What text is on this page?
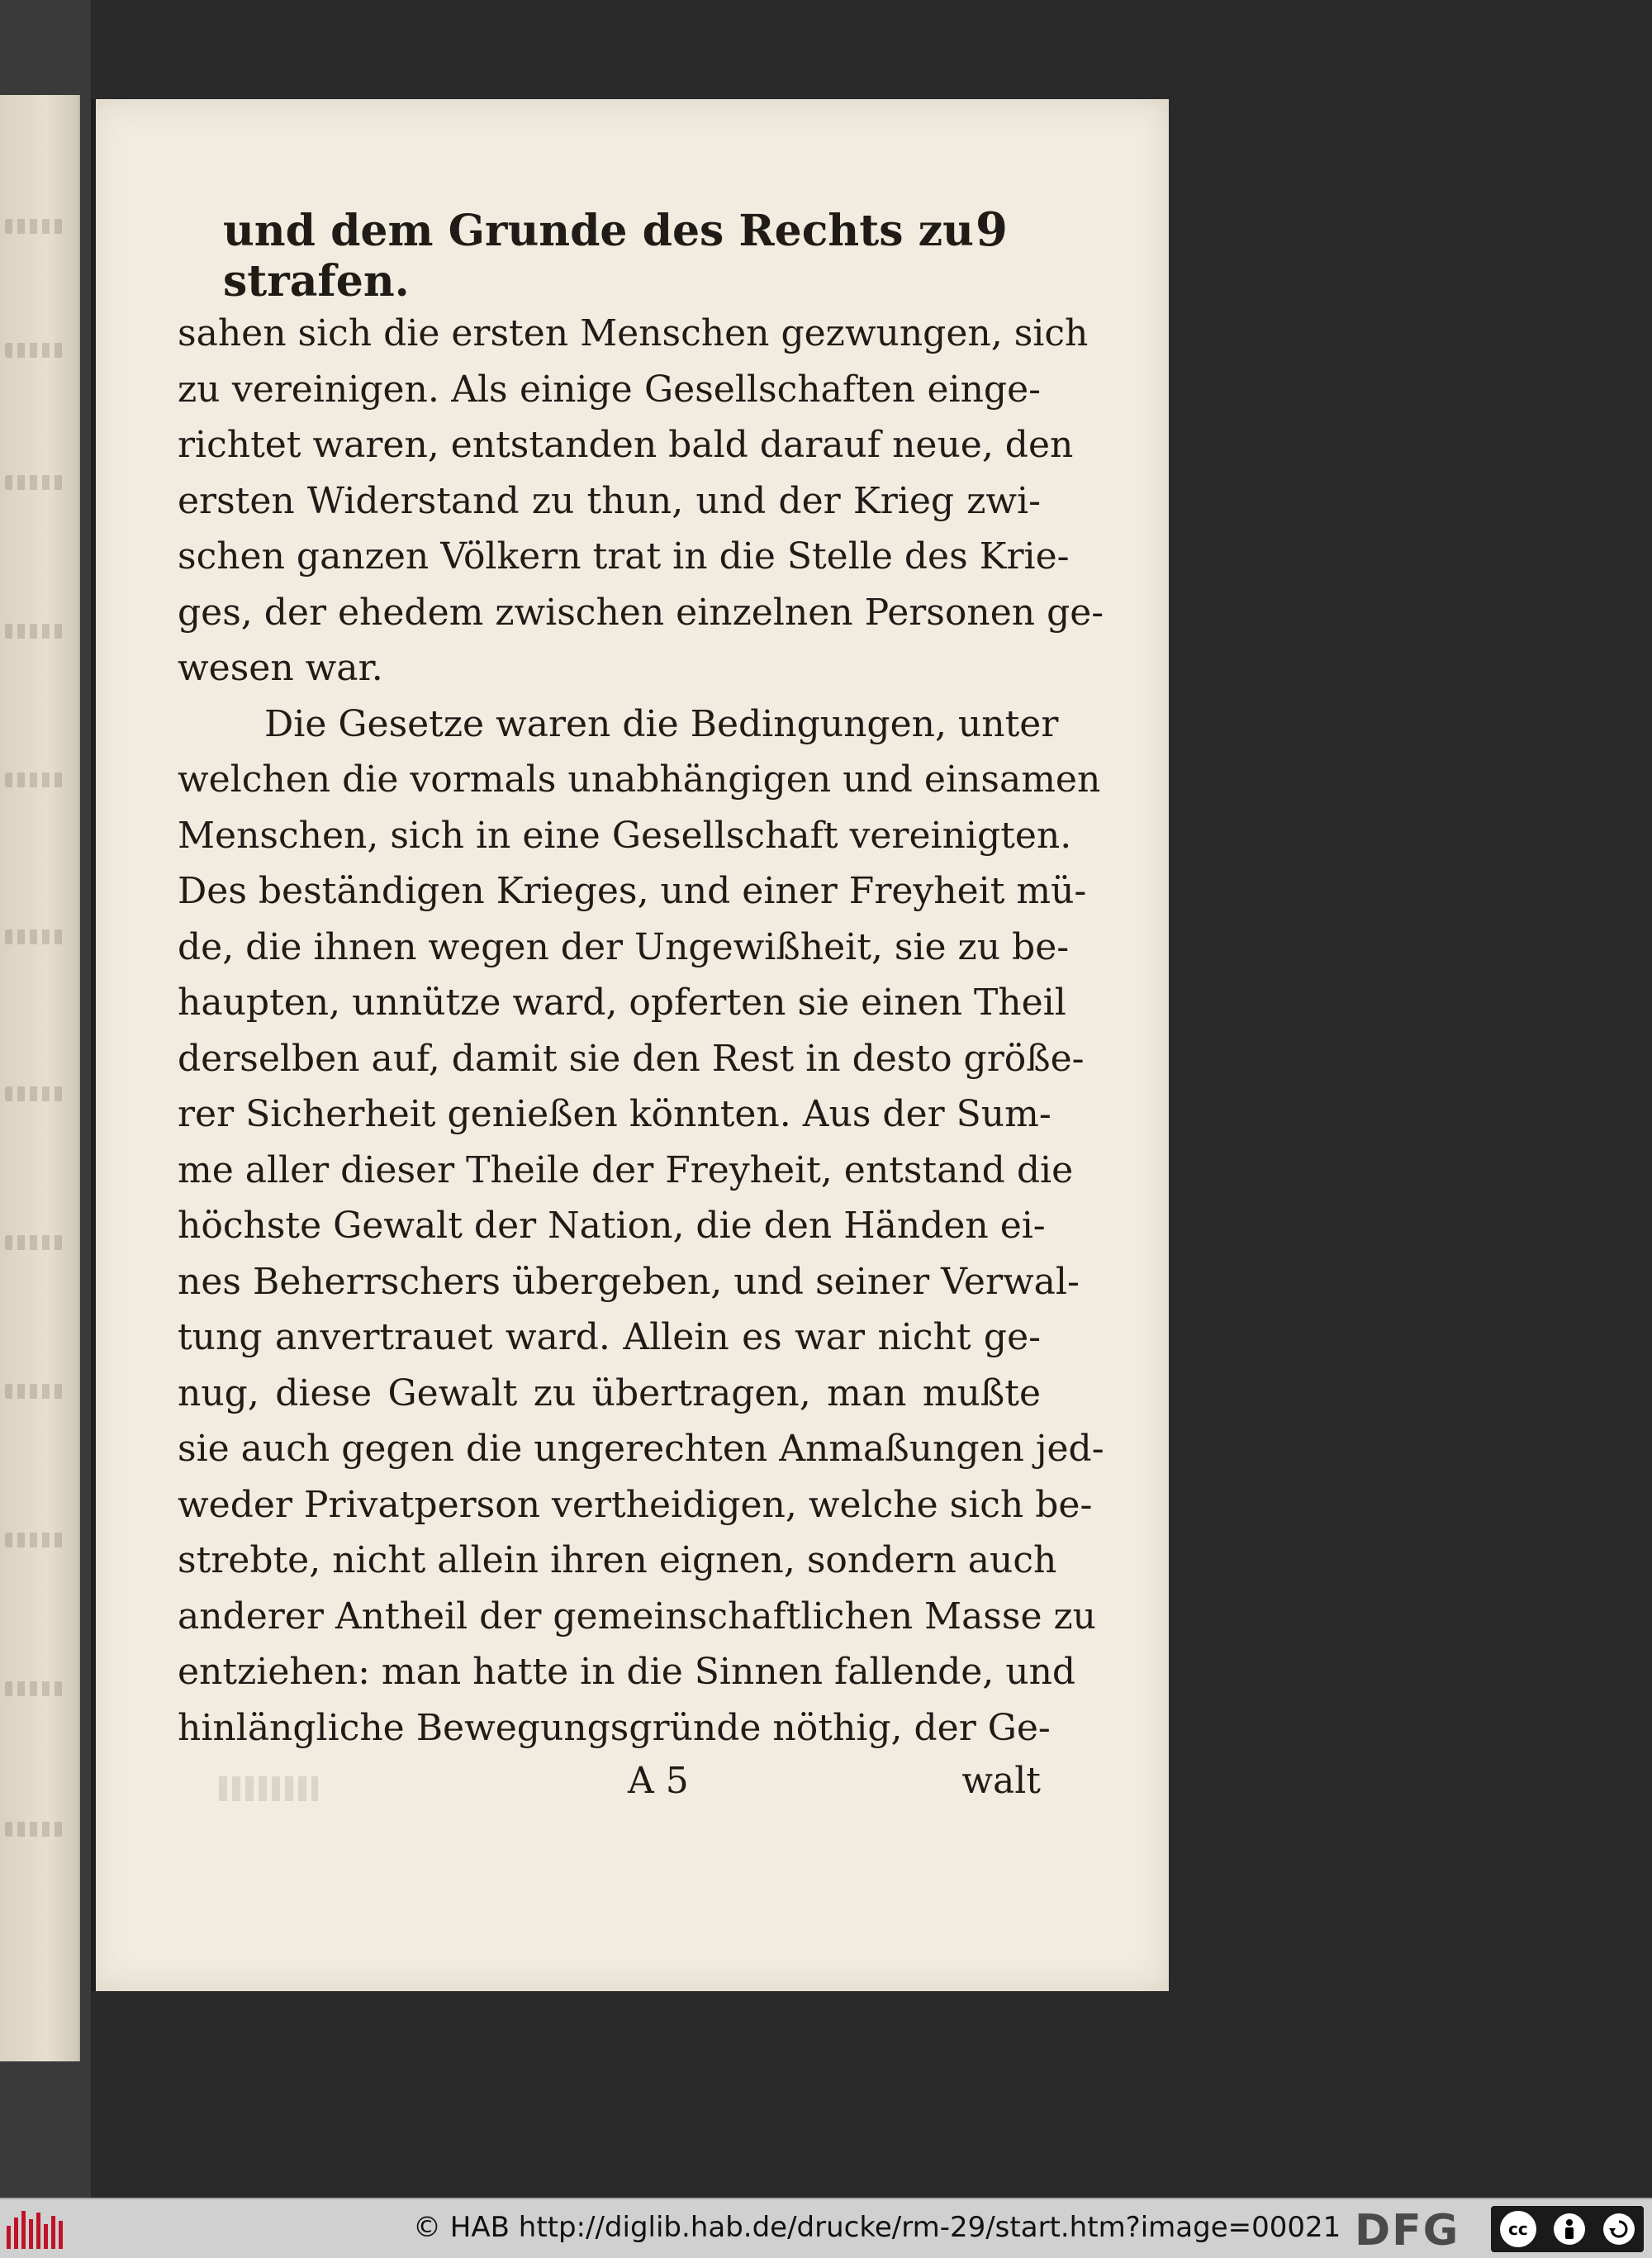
und dem Grunde des Rechts zu strafen.
9
sahen sich die ersten Menschen gezwungen, sich
zu vereinigen. Als einige Gesellschaften einge-
richtet waren, entstanden bald darauf neue, den
ersten Widerstand zu thun, und der Krieg zwi-
schen ganzen Völkern trat in die Stelle des Krie-
ges, der ehedem zwischen einzelnen Personen ge-
wesen war.
Die Gesetze waren die Bedingungen, unter
welchen die vormals unabhängigen und einsamen
Menschen, sich in eine Gesellschaft vereinigten.
Des beständigen Krieges, und einer Freyheit mü-
de, die ihnen wegen der Ungewißheit, sie zu be-
haupten, unnütze ward, opferten sie einen Theil
derselben auf, damit sie den Rest in desto größe-
rer Sicherheit genießen könnten. Aus der Sum-
me aller dieser Theile der Freyheit, entstand die
höchste Gewalt der Nation, die den Händen ei-
nes Beherrschers übergeben, und seiner Verwal-
tung anvertrauet ward. Allein es war nicht ge-
nug, diese Gewalt zu übertragen, man mußte
sie auch gegen die ungerechten Anmaßungen jed-
weder Privatperson vertheidigen, welche sich be-
strebte, nicht allein ihren eignen, sondern auch
anderer Antheil der gemeinschaftlichen Masse zu
entziehen: man hatte in die Sinnen fallende, und
hinlängliche Bewegungsgründe nöthig, der Ge-
A 5	walt
© HAB http://diglib.hab.de/drucke/rm-29/start.htm?image=00021 DFG	cc
